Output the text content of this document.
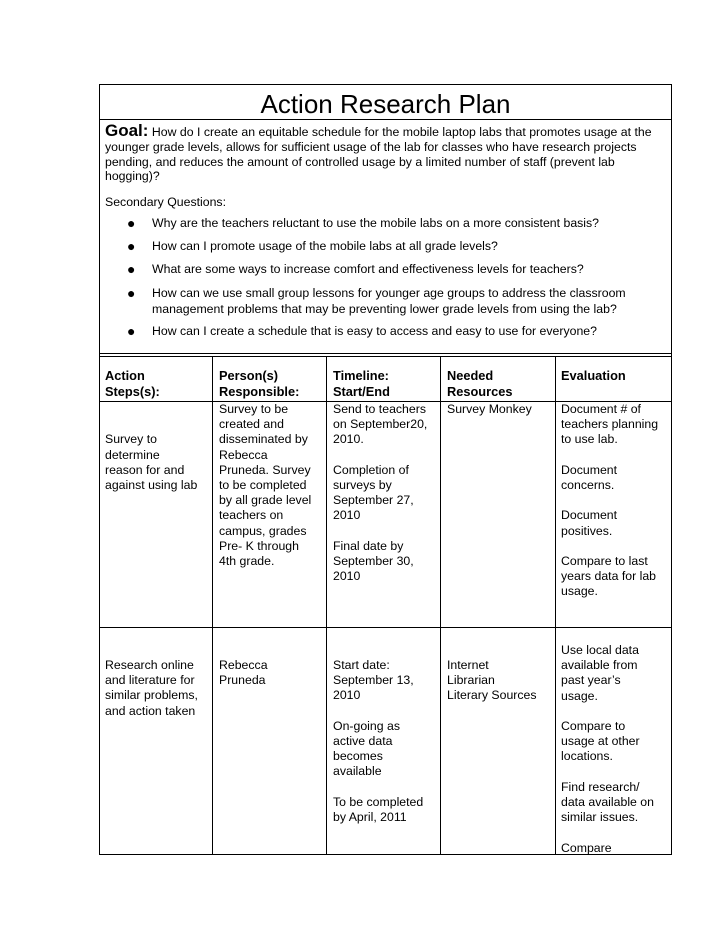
Action Research Plan
Goal: How do I create an equitable schedule for the mobile laptop labs that promotes usage at the younger grade levels, allows for sufficient usage of the lab for classes who have research projects pending, and reduces the amount of controlled usage by a limited number of staff (prevent lab hogging)?
Secondary Questions:
● Why are the teachers reluctant to use the mobile labs on a more consistent basis?
● How can I promote usage of the mobile labs at all grade levels?
● What are some ways to increase comfort and effectiveness levels for teachers?
● How can we use small group lessons for younger age groups to address the classroom management problems that may be preventing lower grade levels from using the lab?
● How can I create a schedule that is easy to access and easy to use for everyone?
Action
Steps(s):
Person(s)
Responsible:
Timeline:
Start/End
Needed
Resources
Evaluation

Survey to
determine
reason for and
against using lab
Survey to be
created and
disseminated by
Rebecca
Pruneda. Survey
to be completed
by all grade level
teachers on
campus, grades
Pre- K through
4th grade.
Send to teachers
on September20,
2010.

Completion of
surveys by
September 27,
2010

Final date by
September 30,
2010
Survey Monkey Document # of
teachers planning
to use lab.

Document
concerns.

Document
positives.

Compare to last
years data for lab
usage.
Research online
and literature for
similar problems,
and action taken
Rebecca
Pruneda
Start date:
September 13,
2010

On-going as
active data
becomes
available

To be completed
by April, 2011
Internet
Librarian
Literary Sources
Use local data
available from
past year’s
usage.

Compare to
usage at other
locations.

Find research/
data available on
similar issues.

Compare
